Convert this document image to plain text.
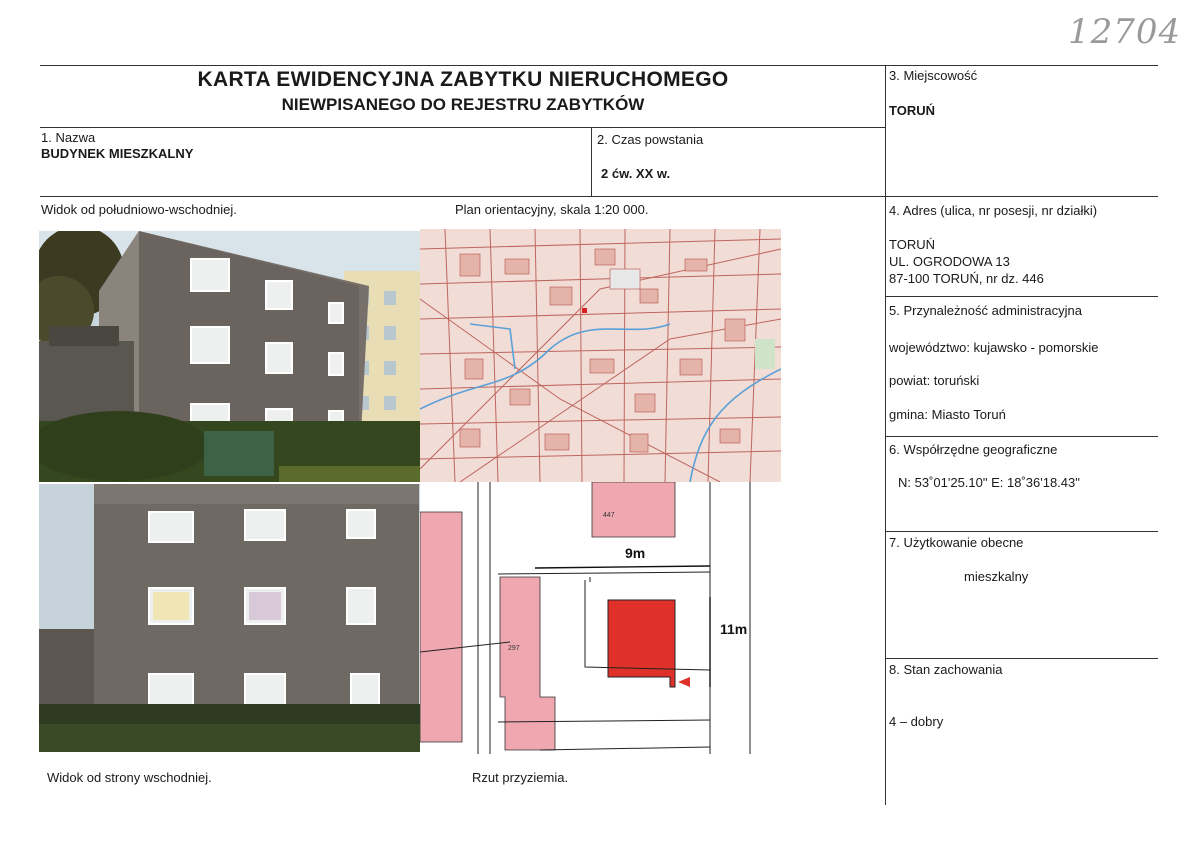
12704
KARTA EWIDENCYJNA ZABYTKU NIERUCHOMEGO
NIEWPISANEGO DO REJESTRU ZABYTKÓW
1. Nazwa
BUDYNEK MIESZKALNY
2. Czas powstania
2 ćw. XX w.
3. Miejscowość
TORUŃ
4. Adres (ulica, nr posesji, nr działki)
TORUŃ
UL. OGRODOWA 13
87-100 TORUŃ, nr dz. 446
5. Przynależność administracyjna
województwo: kujawsko - pomorskie
powiat: toruński
gmina: Miasto Toruń
6. Współrzędne geograficzne
N: 53˚01'25.10" E: 18˚36'18.43"
7. Użytkowanie obecne
mieszkalny
8. Stan zachowania
4 – dobry
Widok od południowo-wschodniej.	Plan orientacyjny, skala 1:20 000.
Widok od strony wschodniej.	Rzut przyziemia.
9m
11m
447
297
